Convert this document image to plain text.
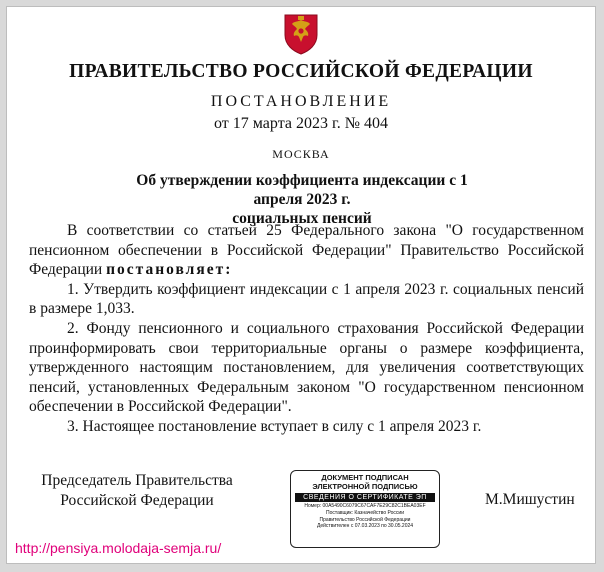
ПРАВИТЕЛЬСТВО РОССИЙСКОЙ ФЕДЕРАЦИИ
ПОСТАНОВЛЕНИЕ
от 17 марта 2023 г. № 404
МОСКВА
Об утверждении коэффициента индексации с 1 апреля 2023 г.
социальных пенсий

В соответствии со статьей 25 Федерального закона "О государственном пенсионном обеспечении в Российской Федерации" Правительство Российской Федерации постановляет:

1. Утвердить коэффициент индексации с 1 апреля 2023 г. социальных пенсий в размере 1,033.

2. Фонду пенсионного и социального страхования Российской Федерации проинформировать свои территориальные органы о размере коэффициента, утвержденного настоящим постановлением, для увеличения соответствующих пенсий, установленных Федеральным законом "О государственном пенсионном обеспечении в Российской Федерации".

3. Настоящее постановление вступает в силу с 1 апреля 2023 г.

Председатель Правительства
Российской Федерации
ДОКУМЕНТ ПОДПИСАН
ЭЛЕКТРОННОЙ ПОДПИСЬЮ
СВЕДЕНИЯ О СЕРТИФИКАТЕ ЭП
Номер: 00A5490C6079C67CAF7E29C82C1BEA03EF
Поставщик: Казначейство России
Правительство Российской Федерации
Действителен с 07.03.2023 по 30.05.2024
М.Мишустин
http://pensiya.molodaja-semja.ru/
